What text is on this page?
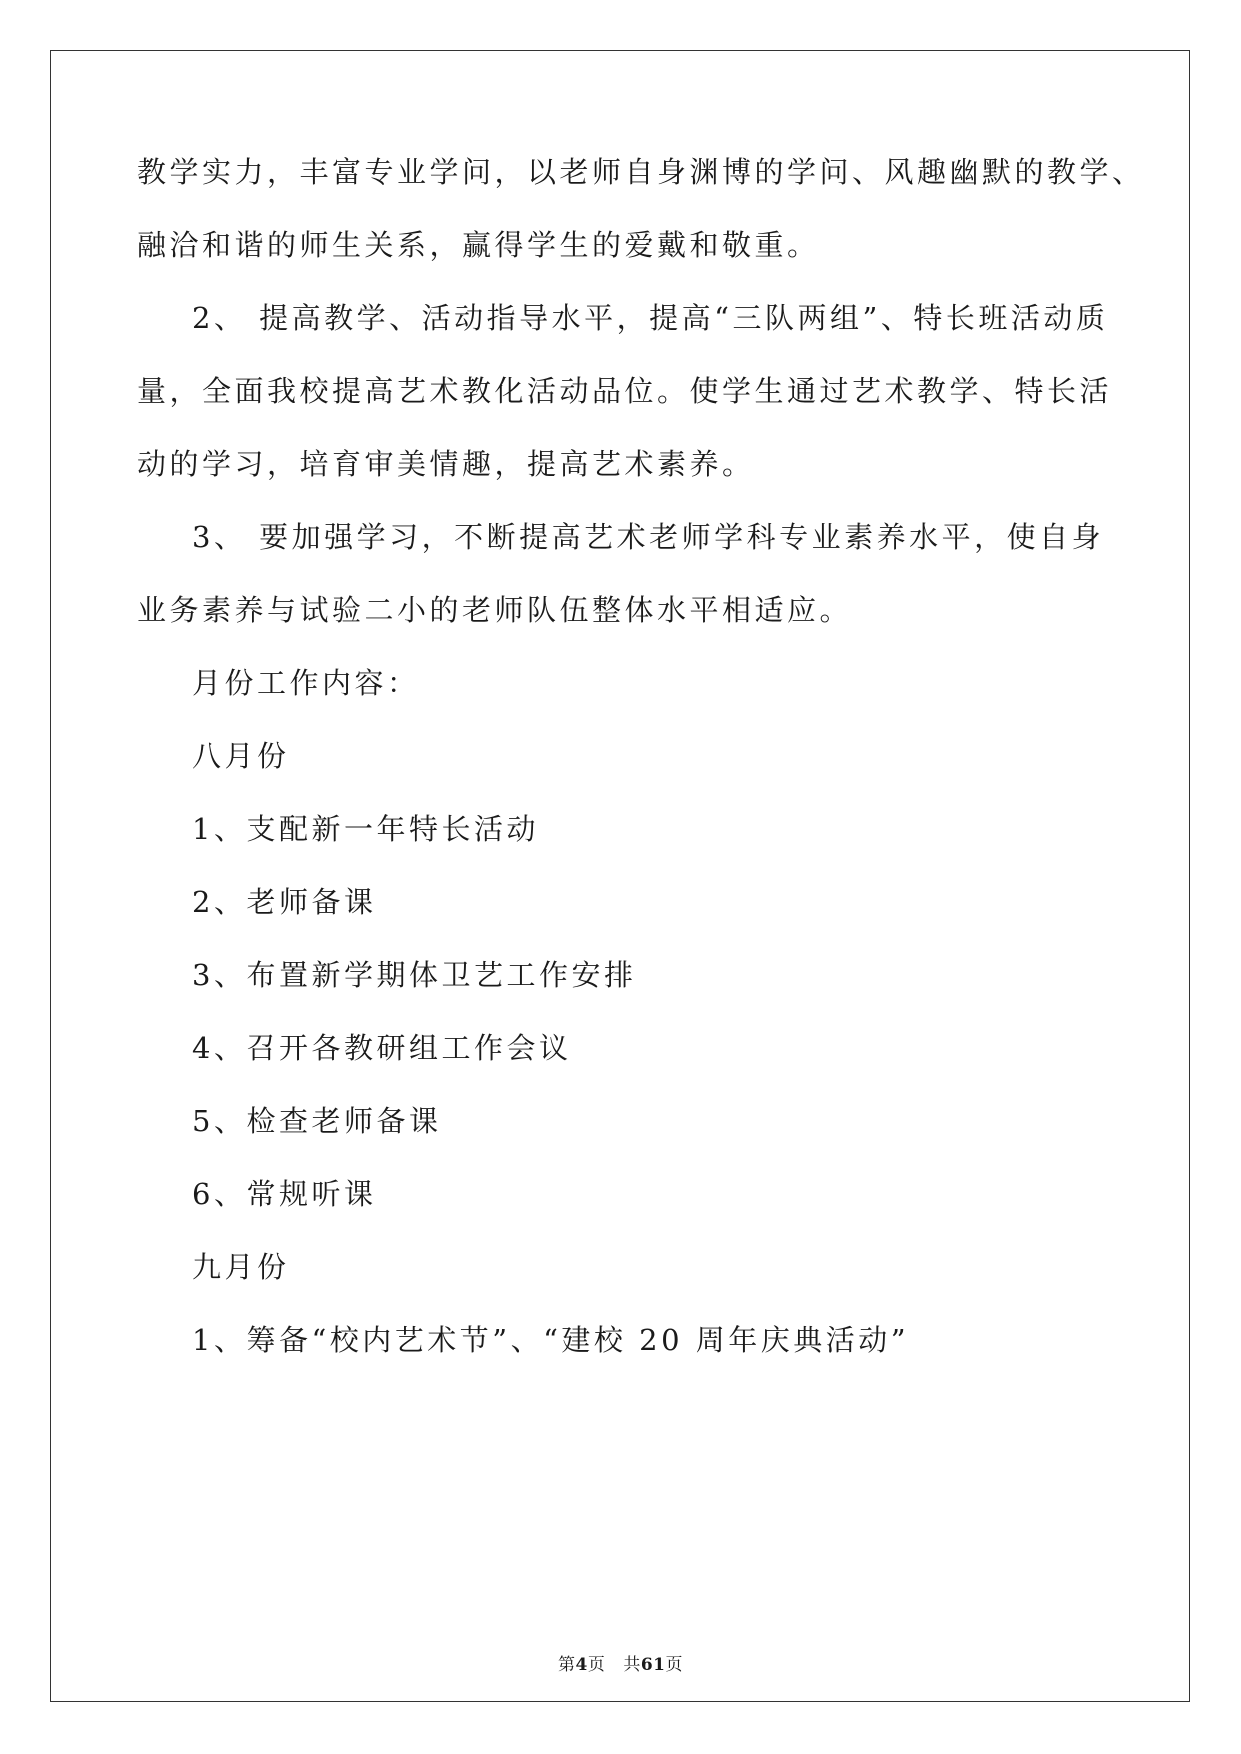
教学实力，丰富专业学问，以老师自身渊博的学问、风趣幽默的教学、
融洽和谐的师生关系，赢得学生的爱戴和敬重。
2、 提高教学、活动指导水平，提高“三队两组”、特长班活动质
量，全面我校提高艺术教化活动品位。使学生通过艺术教学、特长活
动的学习，培育审美情趣，提高艺术素养。
3、 要加强学习，不断提高艺术老师学科专业素养水平，使自身
业务素养与试验二小的老师队伍整体水平相适应。
月份工作内容：
八月份
1、支配新一年特长活动
2、老师备课
3、布置新学期体卫艺工作安排
4、召开各教研组工作会议
5、检查老师备课
6、常规听课
九月份
1、筹备“校内艺术节”、“建校 20 周年庆典活动”
第4页 共61页
